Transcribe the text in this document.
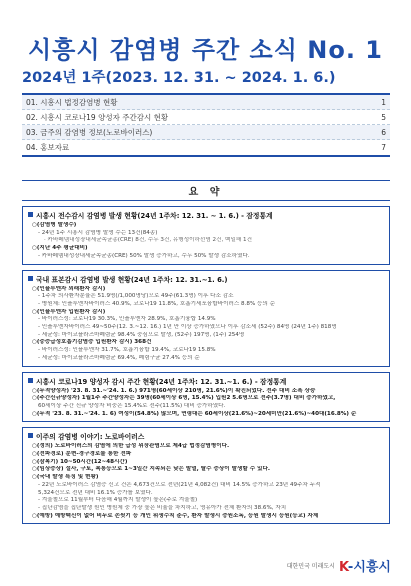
시흥시 감염병 주간 소식 No. 1
2024년 1주(2023. 12. 31. ~ 2024. 1. 6.)
01. 시흥시 법정감염병 현황	1
02. 시흥시 코로나19 양성자 주간감시 현황	5
03. 금주의 감염병 정보(노로바이러스)	6
04. 홍보자료	7
요 약
시흥시 전수감시 감염병 발생 현황(24년 1주차: 12. 31. ~ 1. 6.) - 잠정통계
○(감염병 발생수)
- 24년 1주 시흥시 감염병 발생 수는 13건(84종)
· 카바페넴내성장내세균속균종(CRE) 8건, 수두 3건, 유행성이하선염 2건, 백일해 1건
○(지난 4주 평균대비)
- 카바페넴내성장내세균속균종(CRE) 50% 발생 증가하고, 수두 50% 발생 감소하였다.
국내 표본감시 감염병 발생 현황(24년 1주차: 12. 31.~1. 6.)
○(인플루엔자 외래환자 감시)
- 1주차 의사환자분율은 51.9명(/1,000명당)으로 49주(61.3명) 이후 다소 감소
- 병원체: 인플루엔자바이러스 40.9%, 코로나19 11.8%, 호흡기세포융합바이러스 8.8% 등의 순
○(인플루엔자 입원환자 감시)
- 바이러스성: 코로나19 30.3%, 인플루엔자 28.9%, 호흡기융합 14.9%
- 인플루엔자바이러스 49~50주(12. 3.~12. 16.) 1년 만 이상 증가하였으나 이후 감소세 (52주) 84명 (24년 1주) 818명
- 세균성: 마이코플라즈마폐렴균 98.4% 중심으로 발생, (52주) 197명, (1주) 254명
○(중증급성호흡기감염증 입원환자 감시) 368건
- 바이러스성: 인플루엔자 31.7%, 호흡기융합 19.4%, 코로나19 15.8%
- 세균성: 마이코플라즈마폐렴균 69.4%, 폐렴구균 27.4% 등의 순
시흥시 코로나19 양성자 감시 주간 현황(24년 1주차: 12. 31.~1. 6.) - 잠정통계
○(누적양성자) '23. 8. 31.~'24. 1. 6.) 971명(60세이상 210명, 21.6%)이 확진되었다. 전주 대비 소폭 상승
○(주간신규양성자) 1월1주 주간양성자는 39명(60세이상 6명, 15.4%) 입원2 5.6명으로 전주(3.7명) 대비 증가하였고,
60세이상 주간 신규 양성자 비중은 15.4%로 전주(11.5%) 대비 증가하였다.
○(누적 '23. 8. 31.~'24. 1. 6) 여성이(54.8%) 많으며, 연령대는 60세이상(21.6%)~20세미만(21.6%)~40대(16.8%) 순
이주의 감염병 이야기: 노로바이러스
○(정의) 노로바이러스의 감염에 의한 급성 위장관염으로 제4급 법정감염병이다.
○(전파경로) 분변-경구경로를 통한 전파
○(잠복기) 10~50시간(12~48시간)
○(임상증상) 설사, 구토, 복통등으로 1~3일간 지속되는 낮은 발열, 탈수 증상이 발생할 수 있다.
○(국내 발생 특징 및 현황)
- 22년 노로바이러스 감염증 신고 건은 4,673건으로 전년(21년 4,082건) 대비 14.5% 증가하고 23년 49주차 누적
5,324건으로 전년 대비 16.1% 증가를 보였다.
- 겨울철으로 11월부터 다음해 4월까지 발생이 높은(주로 겨울철)
- 집단감염을 집단발생 원인 병원체 중 가장 높은 비율을 차지하고, 영유아가 전체 환자의 38.6%, 자치
○(예방) 예방백신이 없어 비누로 손씻기 등 개인 위생수칙 준수, 환자 발생시 증원소독, 등원 발생시 등원(등교) 자제
대한민국 미래도시 K-시흥시
